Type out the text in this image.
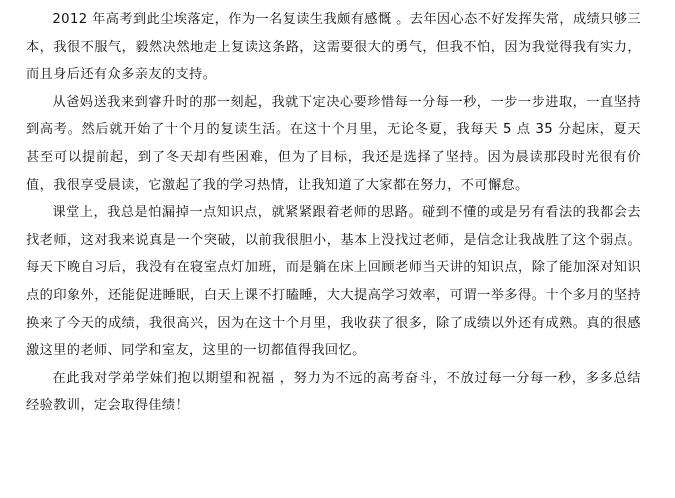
2012 年高考到此尘埃落定，作为一名复读生我颇有感慨 。去年因心态不好发挥失常，成绩只够三本，我很不服气，毅然决然地走上复读这条路，这需要很大的勇气，但我不怕，因为我觉得我有实力，而且身后还有众多亲友的支持。

从爸妈送我来到睿升时的那一刻起，我就下定决心要珍惜每一分每一秒，一步一步进取，一直坚持到高考。然后就开始了十个月的复读生活。在这十个月里，无论冬夏，我每天 5 点 35 分起床，夏天甚至可以提前起，到了冬天却有些困难，但为了目标，我还是选择了坚持。因为晨读那段时光很有价值，我很享受晨读，它激起了我的学习热情，让我知道了大家都在努力，不可懈怠。

课堂上，我总是怕漏掉一点知识点，就紧紧跟着老师的思路。碰到不懂的或是另有看法的我都会去找老师，这对我来说真是一个突破，以前我很胆小，基本上没找过老师，是信念让我战胜了这个弱点。每天下晚自习后，我没有在寝室点灯加班，而是躺在床上回顾老师当天讲的知识点，除了能加深对知识点的印象外，还能促进睡眠，白天上课不打瞌睡，大大提高学习效率，可谓一举多得。十个多月的坚持换来了今天的成绩，我很高兴，因为在这十个月里，我收获了很多，除了成绩以外还有成熟。真的很感激这里的老师、同学和室友，这里的一切都值得我回忆。

在此我对学弟学妹们抱以期望和祝福 ，努力为不远的高考奋斗，不放过每一分每一秒，多多总结经验教训，定会取得佳绩！
